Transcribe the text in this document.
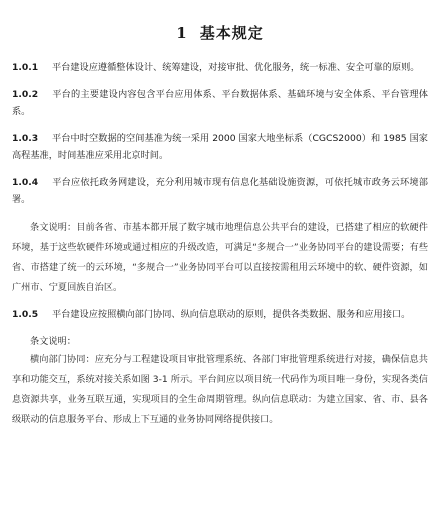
1 基本规定

1.0.1 平台建设应遵循整体设计、统筹建设，对接审批、优化服务，统一标准、安全可靠的原则。

1.0.2 平台的主要建设内容包含平台应用体系、平台数据体系、基础环境与安全体系、平台管理体系。

1.0.3 平台中时空数据的空间基准为统一采用 2000 国家大地坐标系（CGCS2000）和 1985 国家高程基准，时间基准应采用北京时间。

1.0.4 平台应依托政务网建设，充分利用城市现有信息化基础设施资源，可依托城市政务云环境部署。

条文说明：目前各省、市基本都开展了数字城市地理信息公共平台的建设，已搭建了相应的软硬件环境，基于这些软硬件环境或通过相应的升级改造，可满足“多规合一”业务协同平台的建设需要；有些省、市搭建了统一的云环境，“多规合一”业务协同平台可以直接按需租用云环境中的软、硬件资源，如广州市、宁夏回族自治区。

1.0.5 平台建设应按照横向部门协同、纵向信息联动的原则，提供各类数据、服务和应用接口。

条文说明：

横向部门协同：应充分与工程建设项目审批管理系统、各部门审批管理系统进行对接，确保信息共享和功能交互，系统对接关系如图 3-1 所示。平台间应以项目统一代码作为项目唯一身份，实现各类信息资源共享，业务互联互通，实现项目的全生命周期管理。纵向信息联动：为建立国家、省、市、县各级联动的信息服务平台、形成上下互通的业务协同网络提供接口。
